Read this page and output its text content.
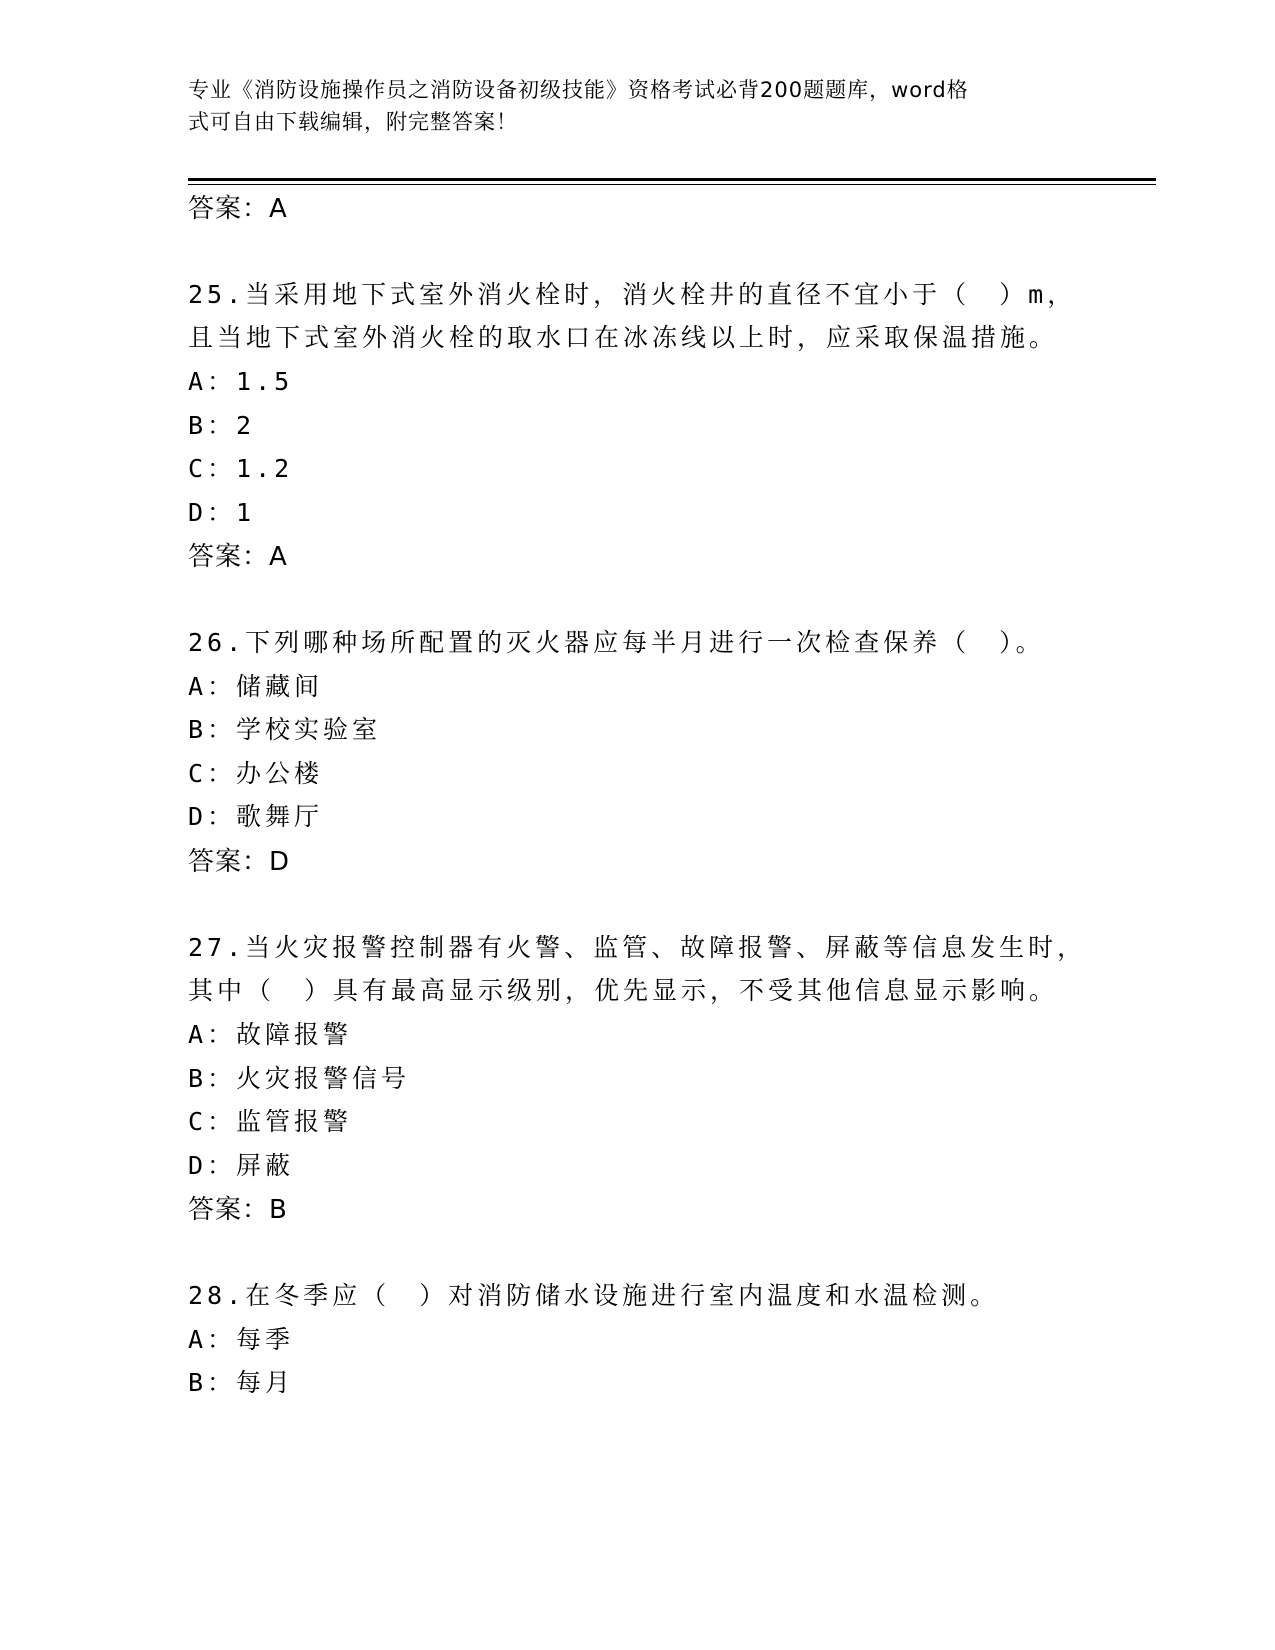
专业《消防设施操作员之消防设备初级技能》资格考试必背200题题库，word格
式可自由下载编辑，附完整答案！
答案：A
25.当采用地下式室外消火栓时，消火栓井的直径不宜小于（　）m，
且当地下式室外消火栓的取水口在冰冻线以上时，应采取保温措施。
A：1.5
B：2
C：1.2
D：1
答案：A
26.下列哪种场所配置的灭火器应每半月进行一次检查保养（　）。
A：储藏间
B：学校实验室
C：办公楼
D：歌舞厅
答案：D
27.当火灾报警控制器有火警、监管、故障报警、屏蔽等信息发生时，
其中（　）具有最高显示级别，优先显示，不受其他信息显示影响。
A：故障报警
B：火灾报警信号
C：监管报警
D：屏蔽
答案：B
28.在冬季应（　）对消防储水设施进行室内温度和水温检测。
A：每季
B：每月
